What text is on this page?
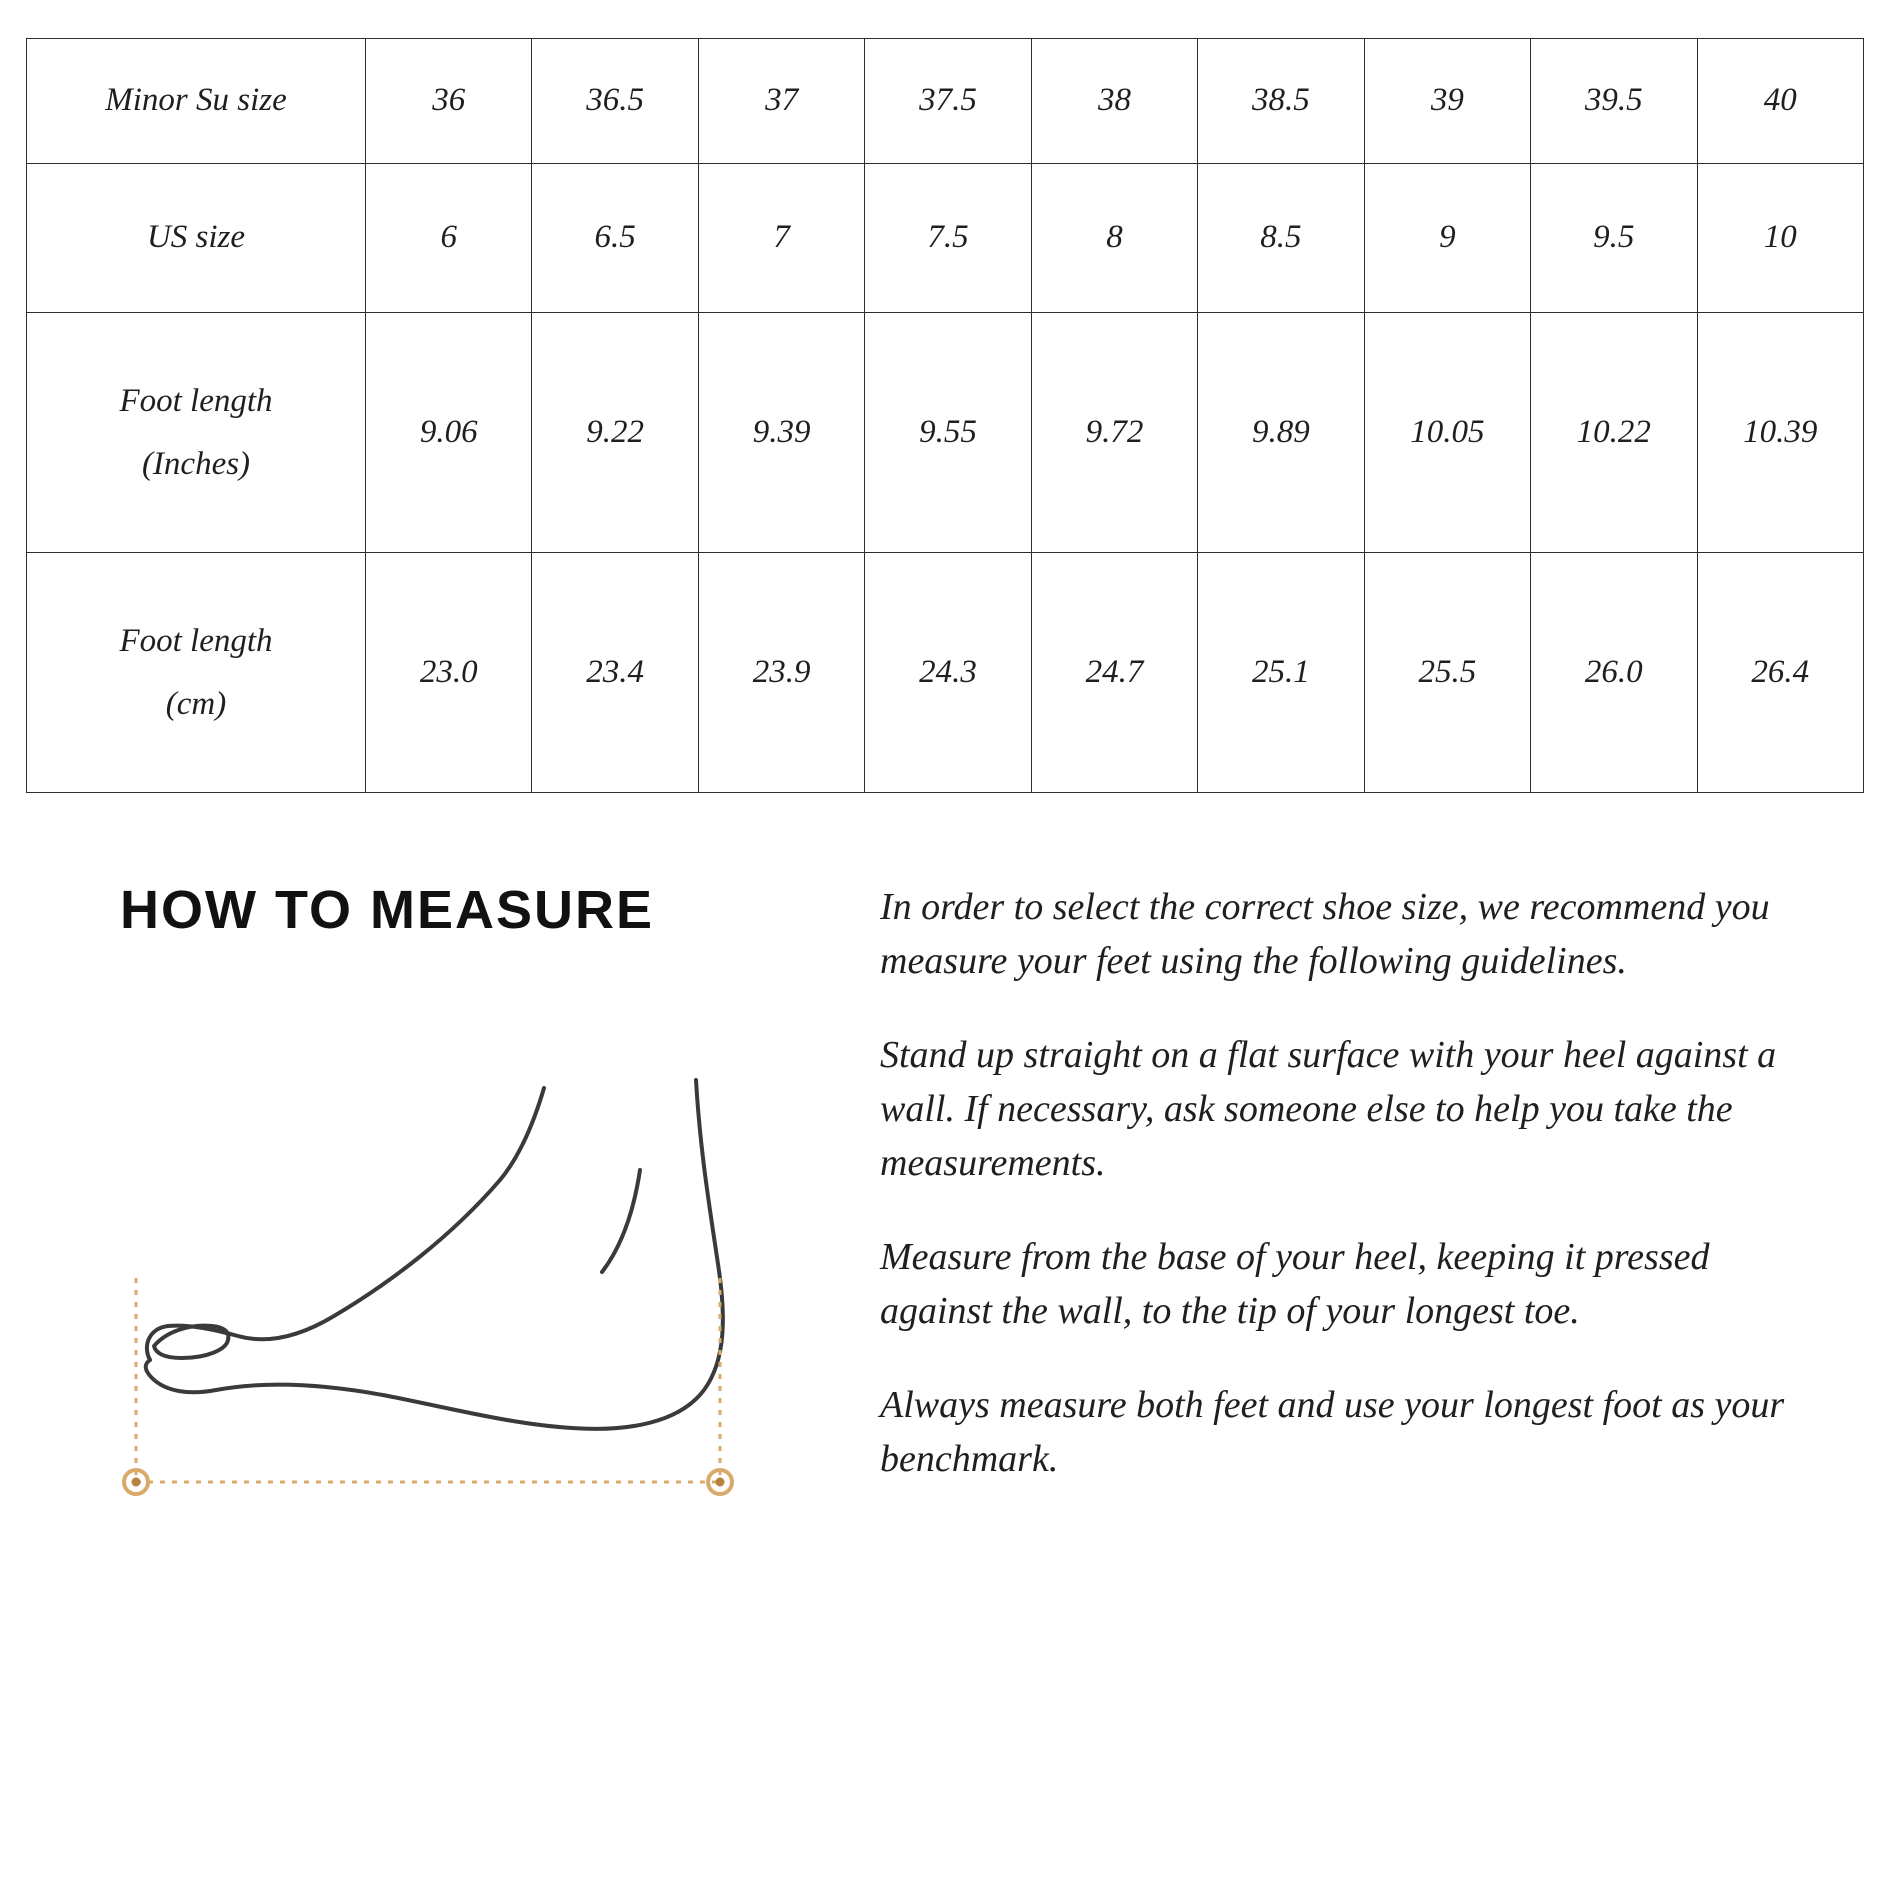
Minor Su size	36	36.5	37	37.5	38	38.5	39	39.5	40
US size	6	6.5	7	7.5	8	8.5	9	9.5	10

Foot length
(Inches)	9.06	9.22	9.39	9.55	9.72	9.89	10.05	10.22	10.39

Foot length
(cm)	23.0	23.4	23.9	24.3	24.7	25.1	25.5	26.0	26.4
HOW TO MEASURE	In order to select the correct shoe size, we recommend you measure your feet using the following guidelines.

Stand up straight on a flat surface with your heel against a wall. If necessary, ask someone else to help you take the measurements.

Measure from the base of your heel, keeping it pressed against the wall, to the tip of your longest toe.

Always measure both feet and use your longest foot as your benchmark.
